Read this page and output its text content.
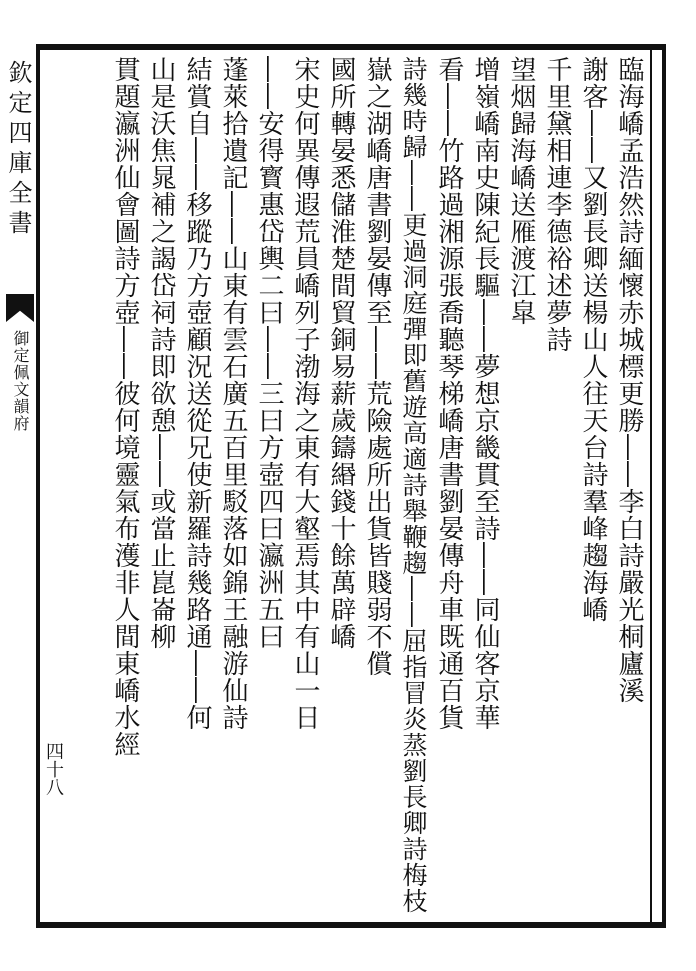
欽定四庫全書
御定佩文韻府
四十八
臨海嶠孟浩然詩緬懷赤城標更勝――李白詩嚴光桐廬溪
謝客――又劉長卿送楊山人往天台詩羣峰趨海嶠
千里黛相連李德裕述夢詩
望烟歸海嶠送雁渡江皐
增嶺嶠南史陳紀長驅――夢想京畿貫至詩――同仙客京華
看――竹路過湘源張喬聽琴梯嶠唐書劉晏傳舟車既通百貨
詩幾時歸――更過洞庭彈即舊遊高適詩舉鞭趨――屈指冒炎蒸劉長卿詩梅枝
嶽之湖嶠唐書劉晏傳至――荒險處所出貨皆賤弱不償
國所轉晏悉儲淮楚間貿銅易薪歲鑄緡錢十餘萬辟嶠
宋史何異傳遐荒員嶠列子渤海之東有大壑焉其中有山一日
――安得寳惠岱輿二曰――三曰方壺四曰瀛洲五曰
蓬萊拾遺記――山東有雲石廣五百里駁落如錦王融游仙詩
結賞自――移蹤乃方壺顧況送從兄使新羅詩幾路通――何
山是沃焦晁補之謁岱祠詩即欲憩――或當止崑崙柳
貫題瀛洲仙會圖詩方壺――彼何境靈氣布濩非人間東嶠水經
